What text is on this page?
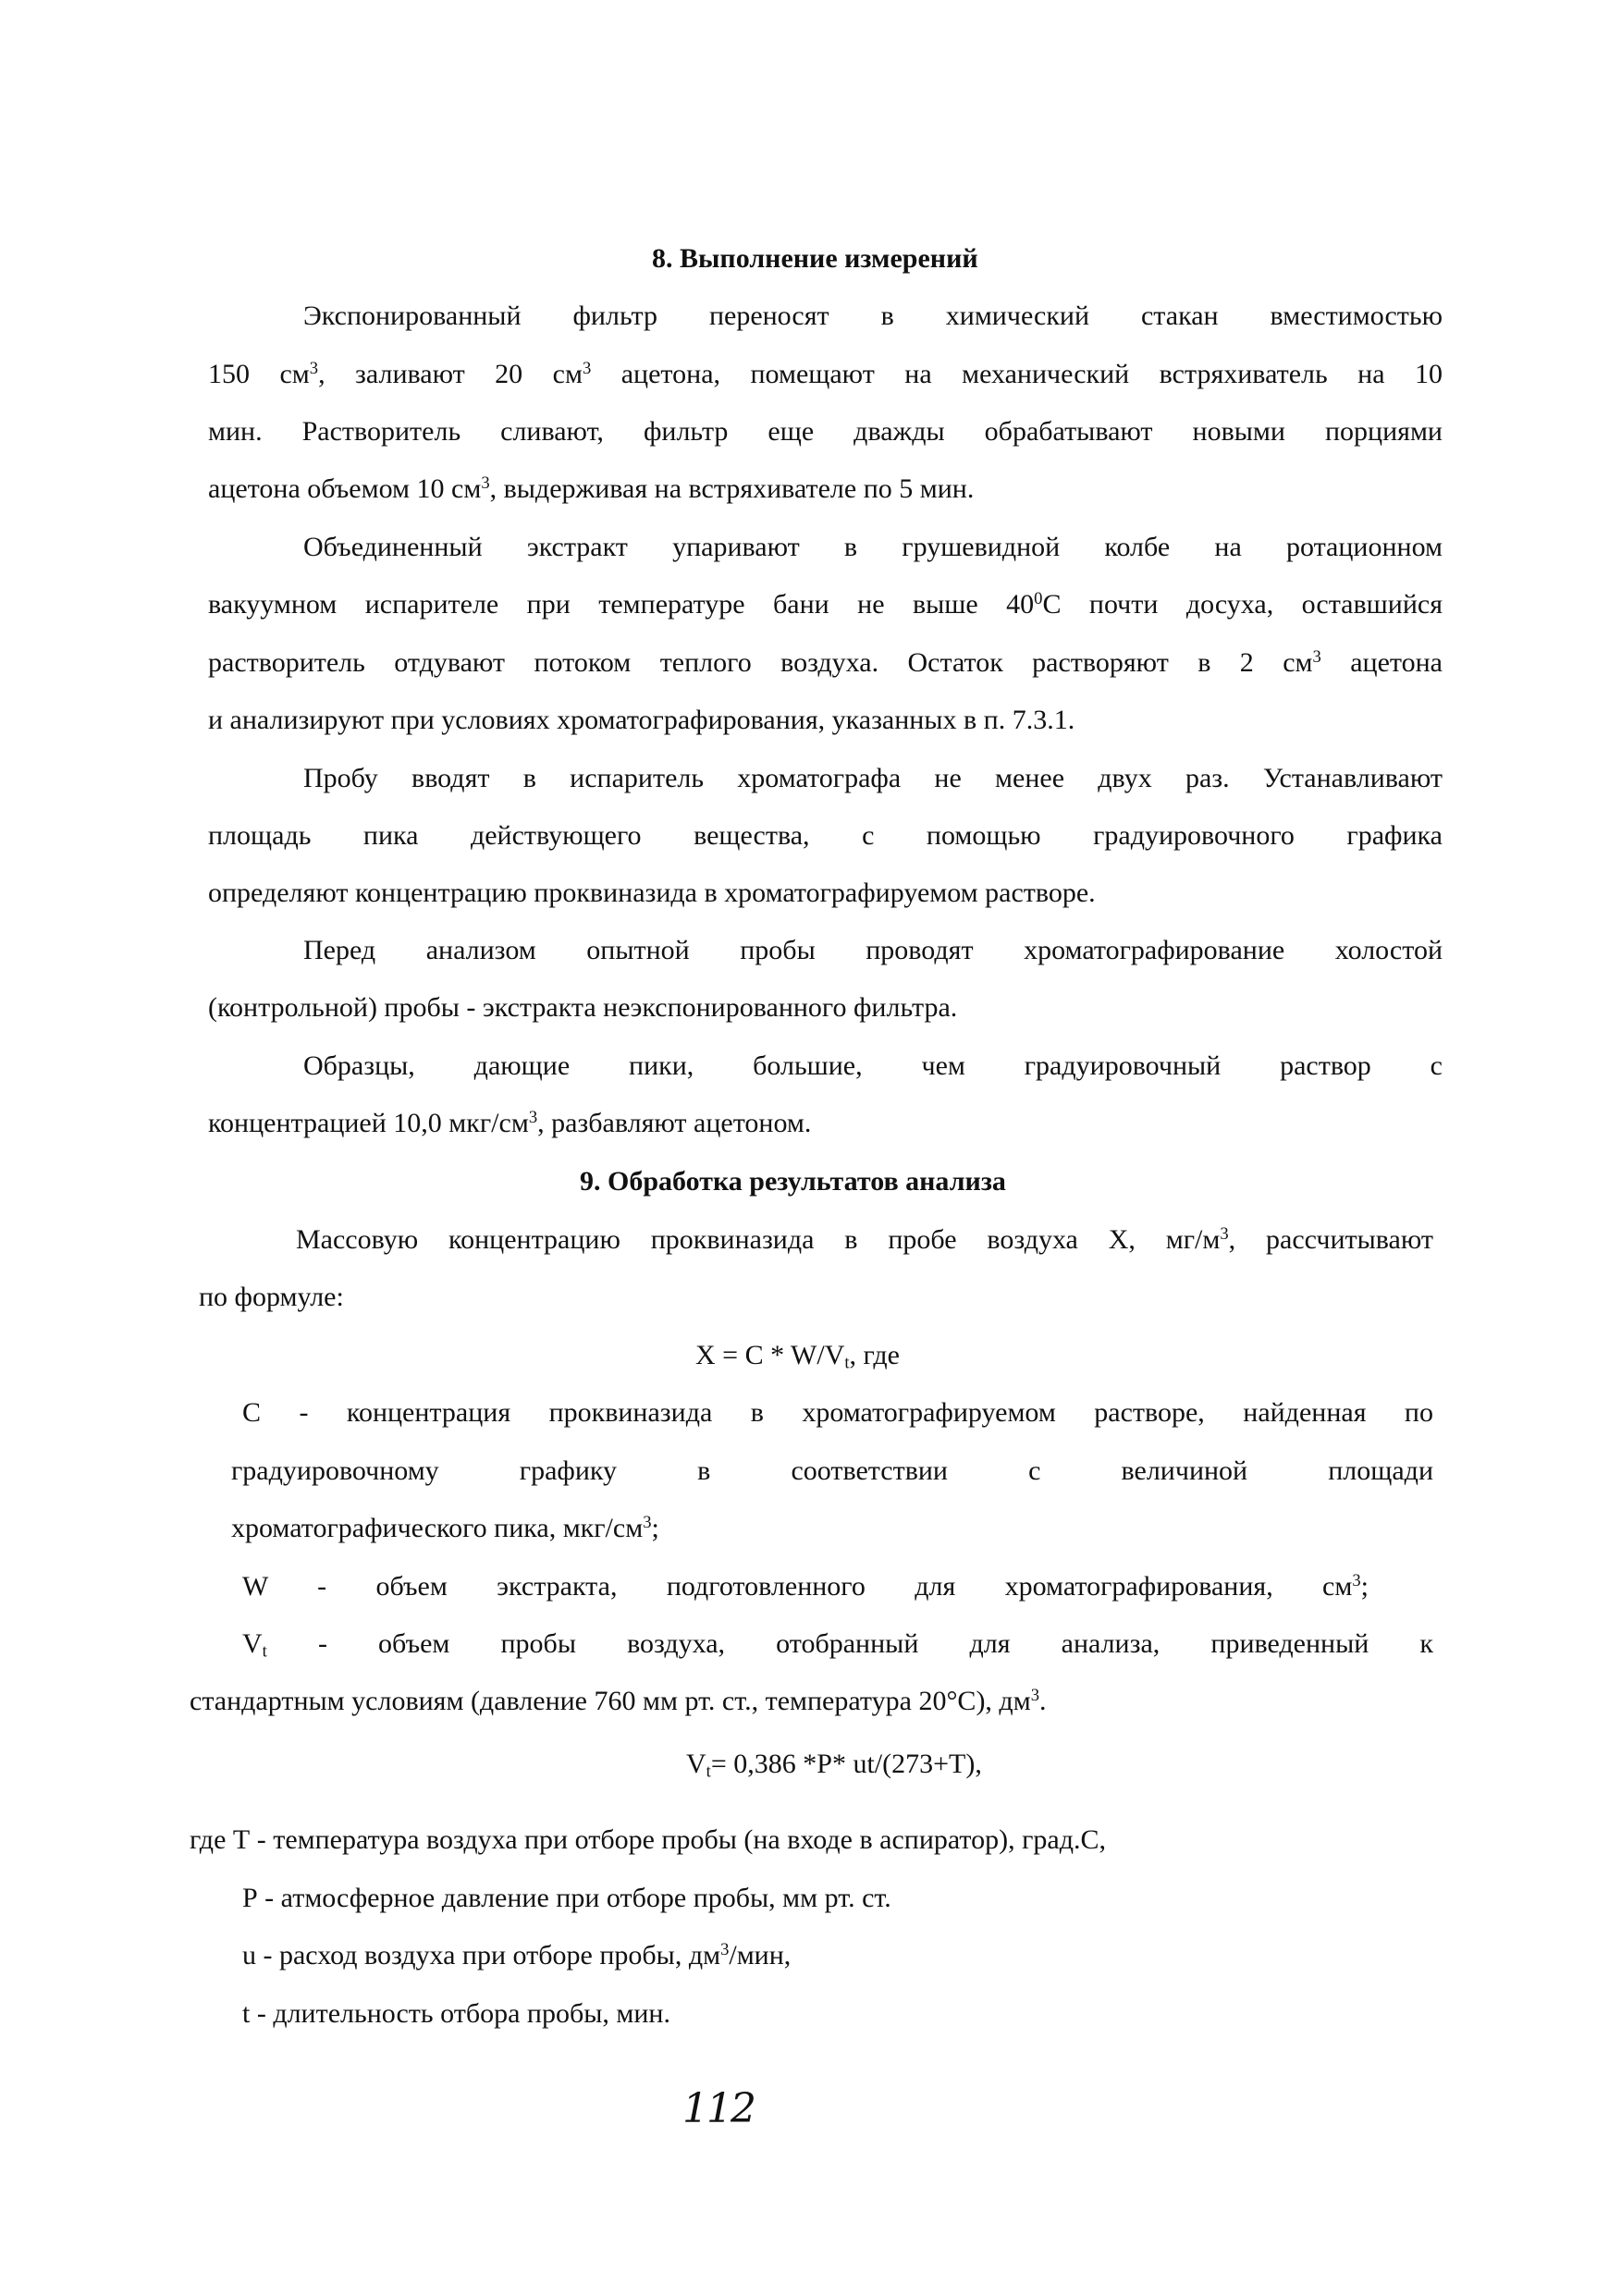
8. Выполнение измерений
Экспонированный фильтр переносят в химический стакан вместимостью
150 $см^3$, заливают 20 $см^3$ ацетона, помещают на механический встряхиватель на 10
мин. Растворитель сливают, фильтр еще дважды обрабатывают новыми порциями
ацетона объемом 10 $см^3$, выдерживая на встряхивателе по 5 мин.
Объединенный экстракт упаривают в грушевидной колбе на ротационном
вакуумном испарителе при температуре бани не выше $40^0С$ почти досуха, оставшийся
растворитель отдувают потоком теплого воздуха. Остаток растворяют в 2 $см^3$ ацетона
и анализируют при условиях хроматографирования, указанных в п. 7.3.1.
Пробу вводят в испаритель хроматографа не менее двух раз. Устанавливают
площадь пика действующего вещества, с помощью градуировочного графика
определяют концентрацию проквиназида в хроматографируемом растворе.
Перед анализом опытной пробы проводят хроматографирование холостой
(контрольной) пробы - экстракта неэкспонированного фильтра.
Образцы, дающие пики, большие, чем градуировочный раствор с
концентрацией 10,0 мкг/$см^3$, разбавляют ацетоном.
9. Обработка результатов анализа
Массовую концентрацию проквиназида в пробе воздуха X, $мг/м^3$, рассчитывают
по формуле:
$X = C * W/V_t$, где
С - концентрация проквиназида в хроматографируемом растворе, найденная по
градуировочному графику в соответствии с величиной площади
хроматографического пика, мкг/$см^3$;
W - объем экстракта, подготовленного для хроматографирования, $см^3$;
$V_t$ - объем пробы воздуха, отобранный для анализа, приведенный к
стандартным условиям (давление 760 мм рт. ст., температура 20°С), $дм^3$.
$V_t= 0,386$ *P* ut/(273+T),
где Т - температура воздуха при отборе пробы (на входе в аспиратор), град.С,
Р - атмосферное давление при отборе пробы, мм рт. ст.
u - расход воздуха при отборе пробы, $дм^3$/мин,
t - длительность отбора пробы, мин.
112
